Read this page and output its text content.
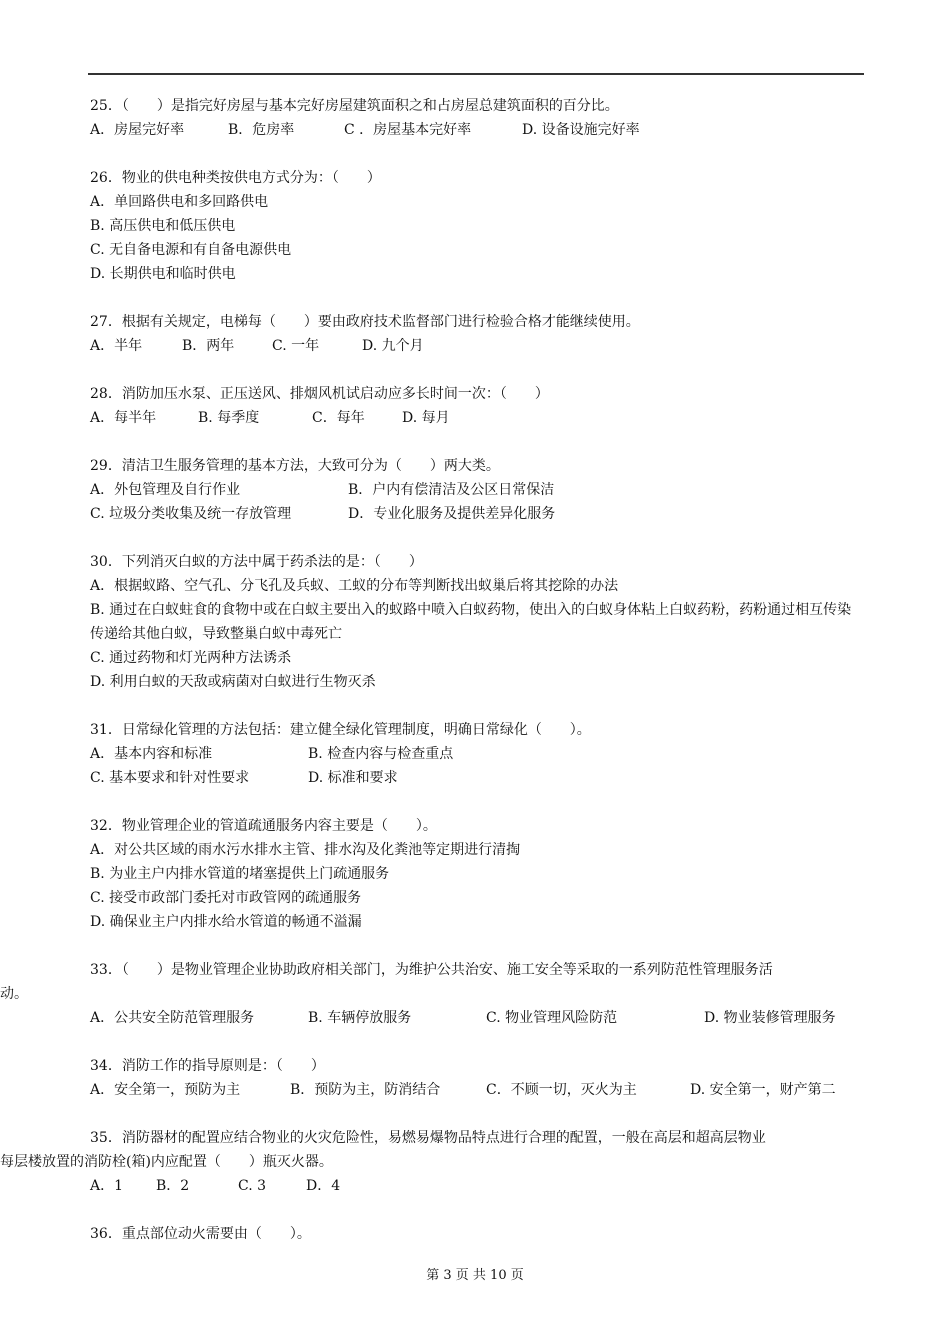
25．（　　）是指完好房屋与基本完好房屋建筑面积之和占房屋总建筑面积的百分比。
A．房屋完好率	B．危房率	C ．房屋基本完好率	D. 设备设施完好率
26．物业的供电种类按供电方式分为：（　　）
A．单回路供电和多回路供电
B. 高压供电和低压供电
C. 无自备电源和有自备电源供电
D. 长期供电和临时供电
27．根据有关规定，电梯每（　　）要由政府技术监督部门进行检验合格才能继续使用。
A．半年	B．两年	C. 一年	D. 九个月
28．消防加压水泵、正压送风、排烟风机试启动应多长时间一次：（　　）
A．每半年	B. 每季度	C．每年	D. 每月
29．清洁卫生服务管理的基本方法，大致可分为（　　）两大类。
A．外包管理及自行作业	B．户内有偿清洁及公区日常保洁
C. 垃圾分类收集及统一存放管理	D．专业化服务及提供差异化服务
30．下列消灭白蚁的方法中属于药杀法的是：（　　）
A．根据蚁路、空气孔、分飞孔及兵蚁、工蚁的分布等判断找出蚁巢后将其挖除的办法
B. 通过在白蚁蛀食的食物中或在白蚁主要出入的蚁路中喷入白蚁药物，使出入的白蚁身体粘上白蚁药粉，药粉通过相互传染传递给其他白蚁，导致整巢白蚁中毒死亡
C. 通过药物和灯光两种方法诱杀
D. 利用白蚁的天敌或病菌对白蚁进行生物灭杀
31．日常绿化管理的方法包括：建立健全绿化管理制度，明确日常绿化（　　）。
A．基本内容和标准	B. 检查内容与检查重点
C. 基本要求和针对性要求	D. 标准和要求
32．物业管理企业的管道疏通服务内容主要是（　　）。
A．对公共区域的雨水污水排水主管、排水沟及化粪池等定期进行清掏
B. 为业主户内排水管道的堵塞提供上门疏通服务
C. 接受市政部门委托对市政管网的疏通服务
D. 确保业主户内排水给水管道的畅通不溢漏
33．（　　）是物业管理企业协助政府相关部门，为维护公共治安、施工安全等采取的一系列防范性管理服务活动。
A．公共安全防范管理服务	B. 车辆停放服务	C. 物业管理风险防范	D. 物业装修管理服务
34．消防工作的指导原则是：（　　）
A．安全第一，预防为主	B．预防为主，防消结合	C．不顾一切，灭火为主	D. 安全第一，财产第二
35．消防器材的配置应结合物业的火灾危险性，易燃易爆物品特点进行合理的配置，一般在高层和超高层物业每层楼放置的消防栓(箱)内应配置（　　）瓶灭火器。
A．1 B．2	C. 3	D．4
36．重点部位动火需要由（　　）。
第 3 页 共 10 页
